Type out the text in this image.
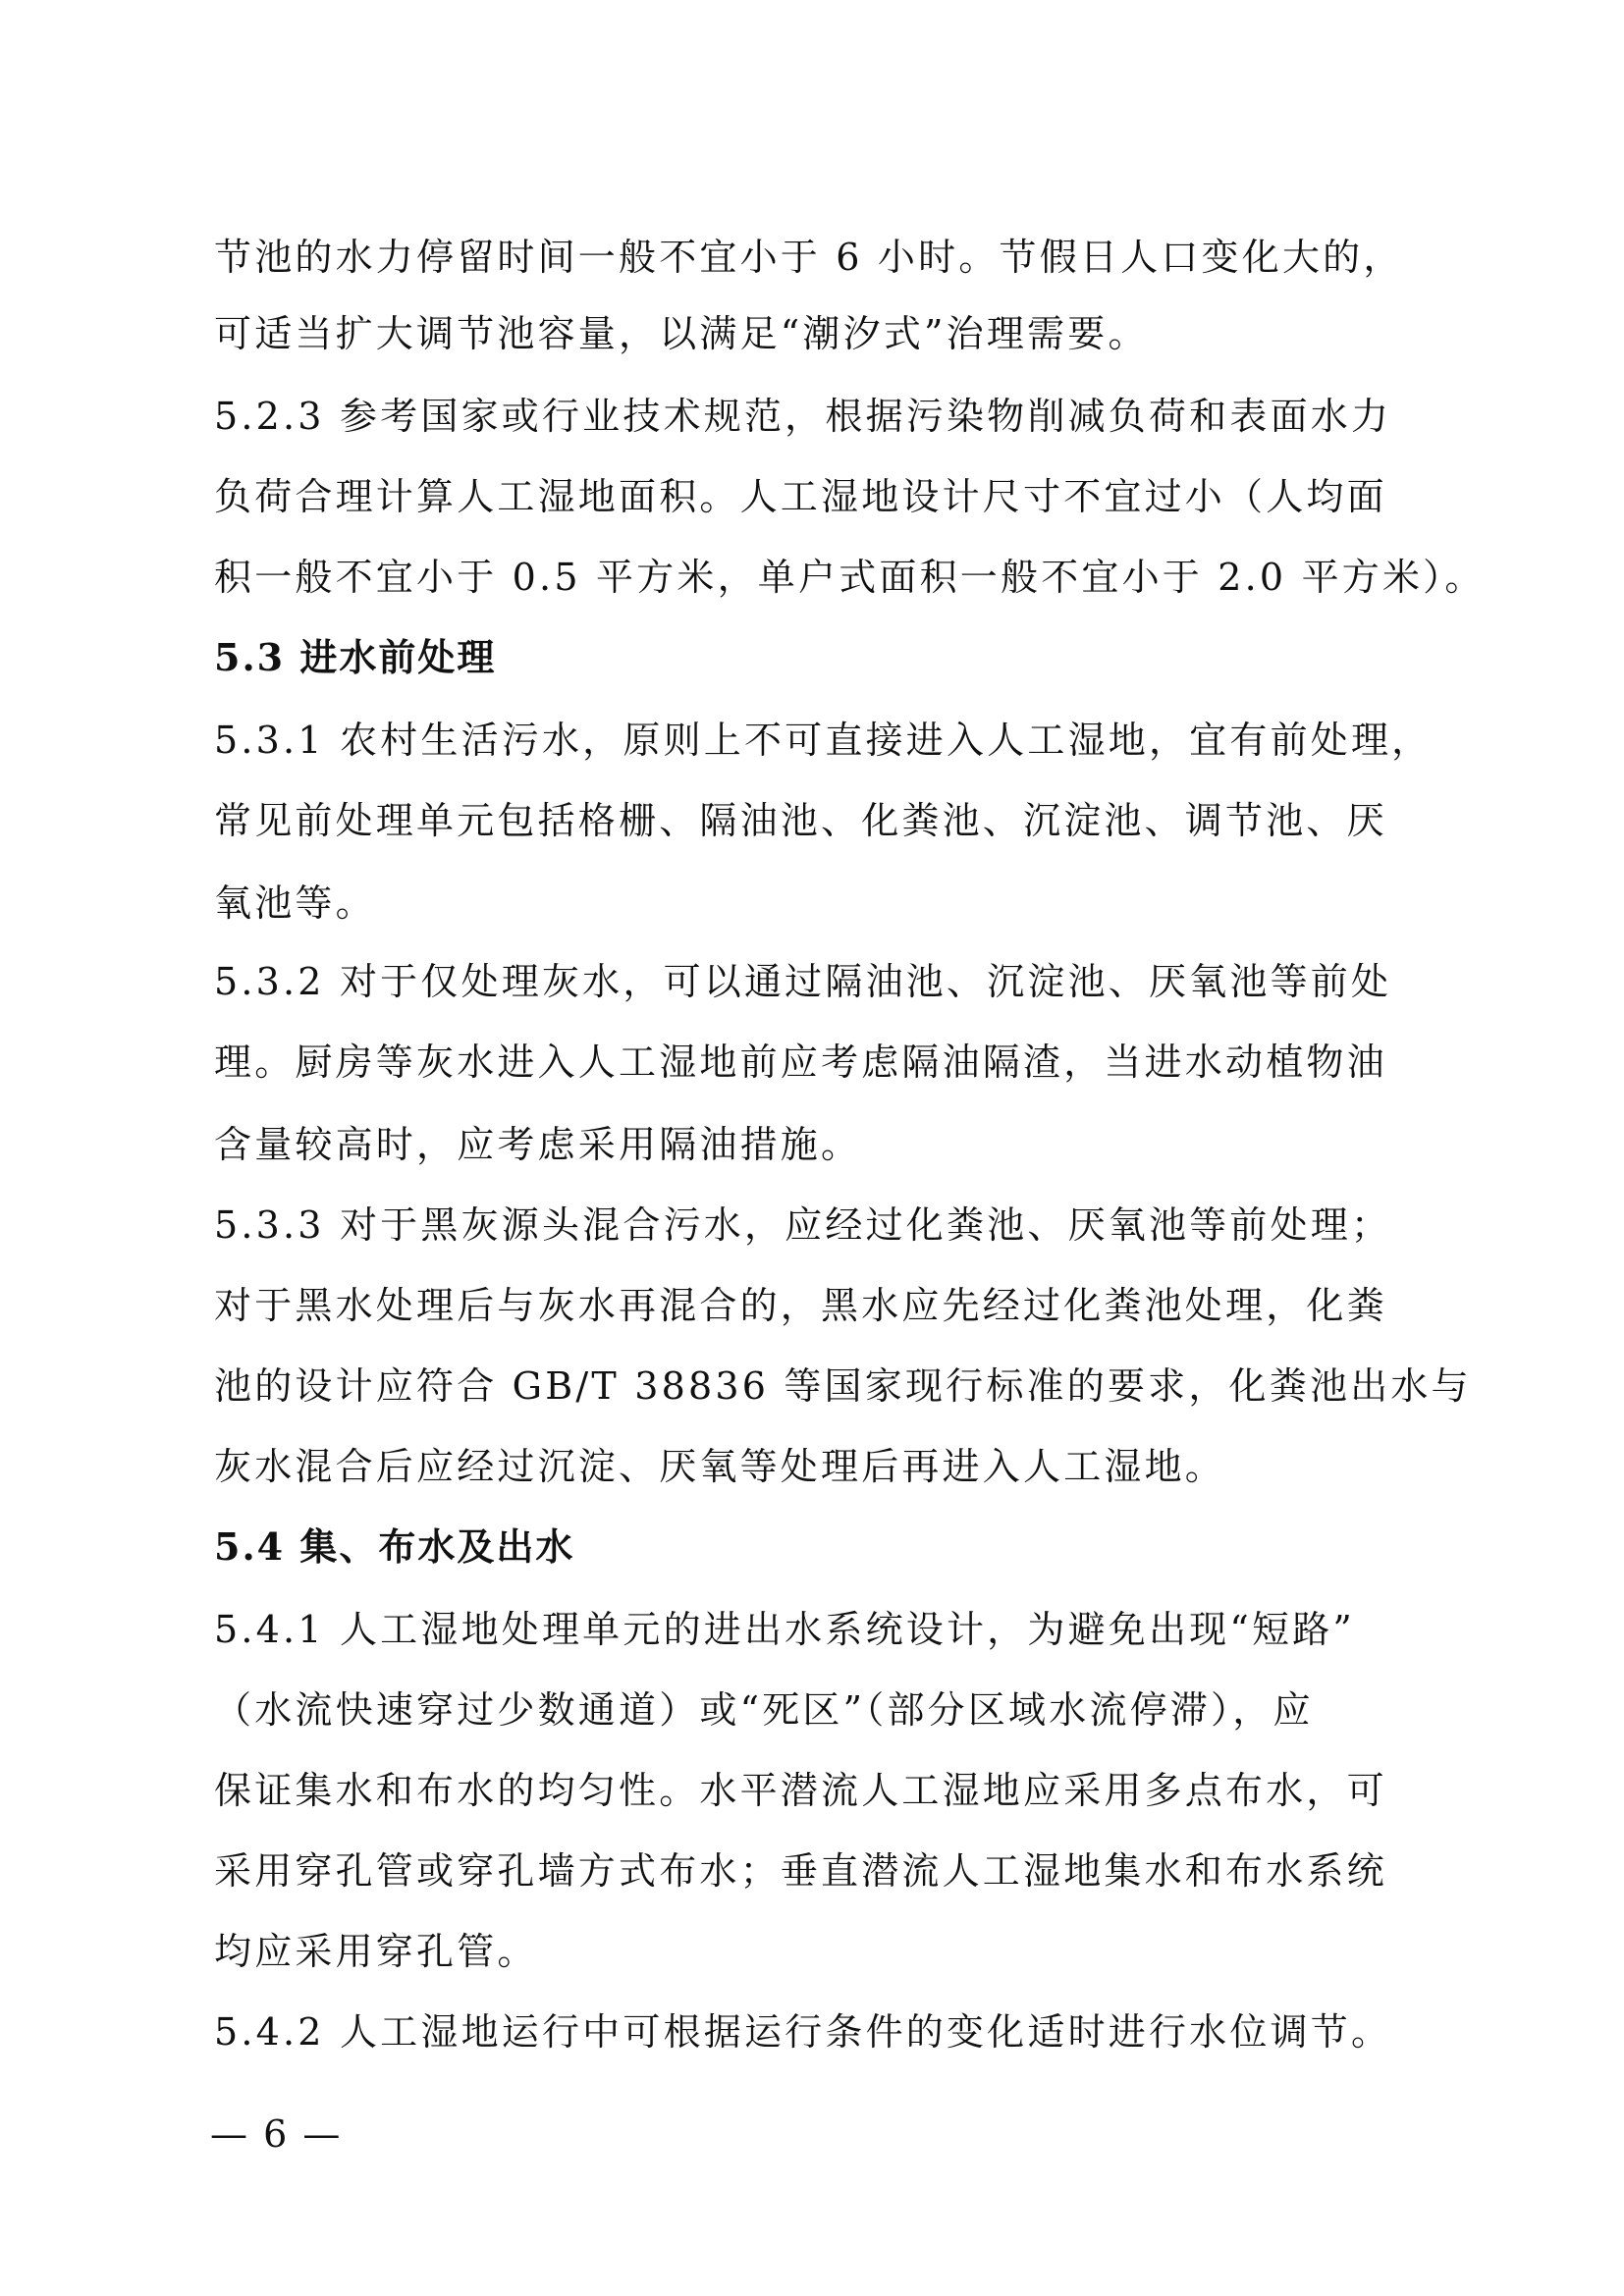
节池的水力停留时间一般不宜小于 6 小时。节假日人口变化大的，
可适当扩大调节池容量，以满足“潮汐式”治理需要。
5.2.3 参考国家或行业技术规范，根据污染物削减负荷和表面水力
负荷合理计算人工湿地面积。人工湿地设计尺寸不宜过小（人均面
积一般不宜小于 0.5 平方米，单户式面积一般不宜小于 2.0 平方米）。
5.3 进水前处理
5.3.1 农村生活污水，原则上不可直接进入人工湿地，宜有前处理，
常见前处理单元包括格栅、隔油池、化粪池、沉淀池、调节池、厌
氧池等。
5.3.2 对于仅处理灰水，可以通过隔油池、沉淀池、厌氧池等前处
理。厨房等灰水进入人工湿地前应考虑隔油隔渣，当进水动植物油
含量较高时，应考虑采用隔油措施。
5.3.3 对于黑灰源头混合污水，应经过化粪池、厌氧池等前处理；
对于黑水处理后与灰水再混合的，黑水应先经过化粪池处理，化粪
池的设计应符合 GB/T 38836 等国家现行标准的要求，化粪池出水与
灰水混合后应经过沉淀、厌氧等处理后再进入人工湿地。
5.4 集、布水及出水
5.4.1 人工湿地处理单元的进出水系统设计，为避免出现“短路”
（水流快速穿过少数通道）或“死区”（部分区域水流停滞），应
保证集水和布水的均匀性。水平潜流人工湿地应采用多点布水，可
采用穿孔管或穿孔墙方式布水；垂直潜流人工湿地集水和布水系统
均应采用穿孔管。
5.4.2 人工湿地运行中可根据运行条件的变化适时进行水位调节。
— 6 —
